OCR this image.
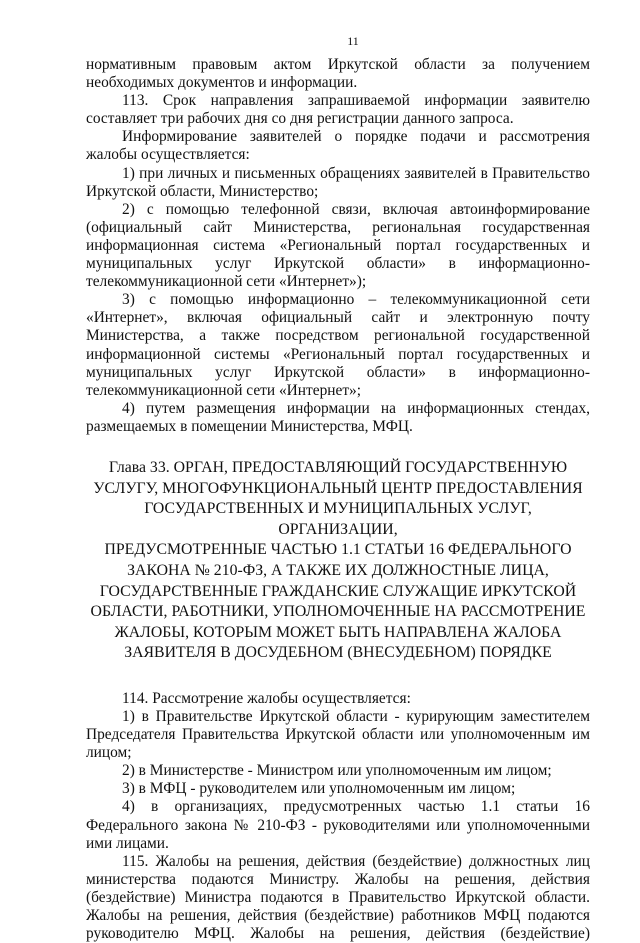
11

нормативным правовым актом Иркутской области за получением необходимых документов и информации.

113. Срок направления запрашиваемой информации заявителю составляет три рабочих дня со дня регистрации данного запроса.

Информирование заявителей о порядке подачи и рассмотрения жалобы осуществляется:

1) при личных и письменных обращениях заявителей в Правительство Иркутской области, Министерство;

2) с помощью телефонной связи, включая автоинформирование (официальный сайт Министерства, региональная государственная информационная система «Региональный портал государственных и муниципальных услуг Иркутской области» в информационно-телекоммуникационной сети «Интернет»);

3) с помощью информационно – телекоммуникационной сети «Интернет», включая официальный сайт и электронную почту Министерства, а также посредством региональной государственной информационной системы «Региональный портал государственных и муниципальных услуг Иркутской области» в информационно-телекоммуникационной сети «Интернет»;

4) путем размещения информации на информационных стендах, размещаемых в помещении Министерства, МФЦ.

Глава 33. ОРГАН, ПРЕДОСТАВЛЯЮЩИЙ ГОСУДАРСТВЕННУЮ
УСЛУГУ, МНОГОФУНКЦИОНАЛЬНЫЙ ЦЕНТР ПРЕДОСТАВЛЕНИЯ
ГОСУДАРСТВЕННЫХ И МУНИЦИПАЛЬНЫХ УСЛУГ, ОРГАНИЗАЦИИ,
ПРЕДУСМОТРЕННЫЕ ЧАСТЬЮ 1.1 СТАТЬИ 16 ФЕДЕРАЛЬНОГО
ЗАКОНА № 210-ФЗ, А ТАКЖЕ ИХ ДОЛЖНОСТНЫЕ ЛИЦА,
ГОСУДАРСТВЕННЫЕ ГРАЖДАНСКИЕ СЛУЖАЩИЕ ИРКУТСКОЙ
ОБЛАСТИ, РАБОТНИКИ, УПОЛНОМОЧЕННЫЕ НА РАССМОТРЕНИЕ
ЖАЛОБЫ, КОТОРЫМ МОЖЕТ БЫТЬ НАПРАВЛЕНА ЖАЛОБА
ЗАЯВИТЕЛЯ В ДОСУДЕБНОМ (ВНЕСУДЕБНОМ) ПОРЯДКЕ

114. Рассмотрение жалобы осуществляется:

1) в Правительстве Иркутской области - курирующим заместителем Председателя Правительства Иркутской области или уполномоченным им лицом;

2) в Министерстве - Министром или уполномоченным им лицом;

3) в МФЦ - руководителем или уполномоченным им лицом;

4) в организациях, предусмотренных частью 1.1 статьи 16 Федерального закона № 210-ФЗ - руководителями или уполномоченными ими лицами.

115. Жалобы на решения, действия (бездействие) должностных лиц министерства подаются Министру. Жалобы на решения, действия (бездействие) Министра подаются в Правительство Иркутской области. Жалобы на решения, действия (бездействие) работников МФЦ подаются руководителю МФЦ. Жалобы на решения, действия (бездействие)
